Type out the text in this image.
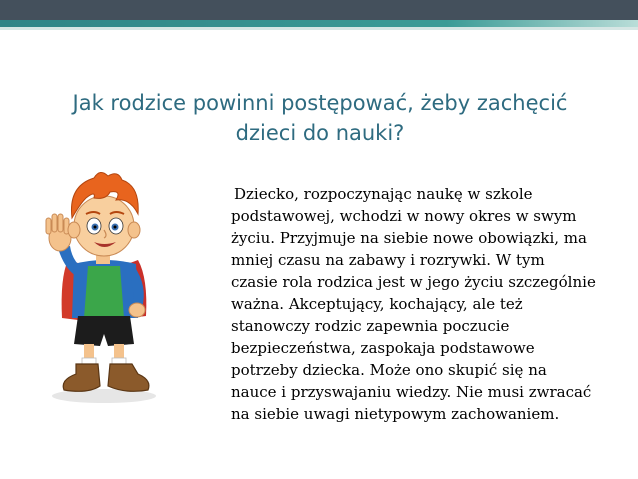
Jak rodzice powinni postępować, żeby zachęcić
dzieci do nauki?
Dziecko, rozpoczynając naukę w szkole
podstawowej, wchodzi w nowy okres w swym
życiu. Przyjmuje na siebie nowe obowiązki, ma
mniej czasu na zabawy i rozrywki. W tym
czasie rola rodzica jest w jego życiu szczególnie
ważna. Akceptujący, kochający, ale też
stanowczy rodzic zapewnia poczucie
bezpieczeństwa, zaspokaja podstawowe
potrzeby dziecka. Może ono skupić się na
nauce i przyswajaniu wiedzy. Nie musi zwracać
na siebie uwagi nietypowym zachowaniem.
